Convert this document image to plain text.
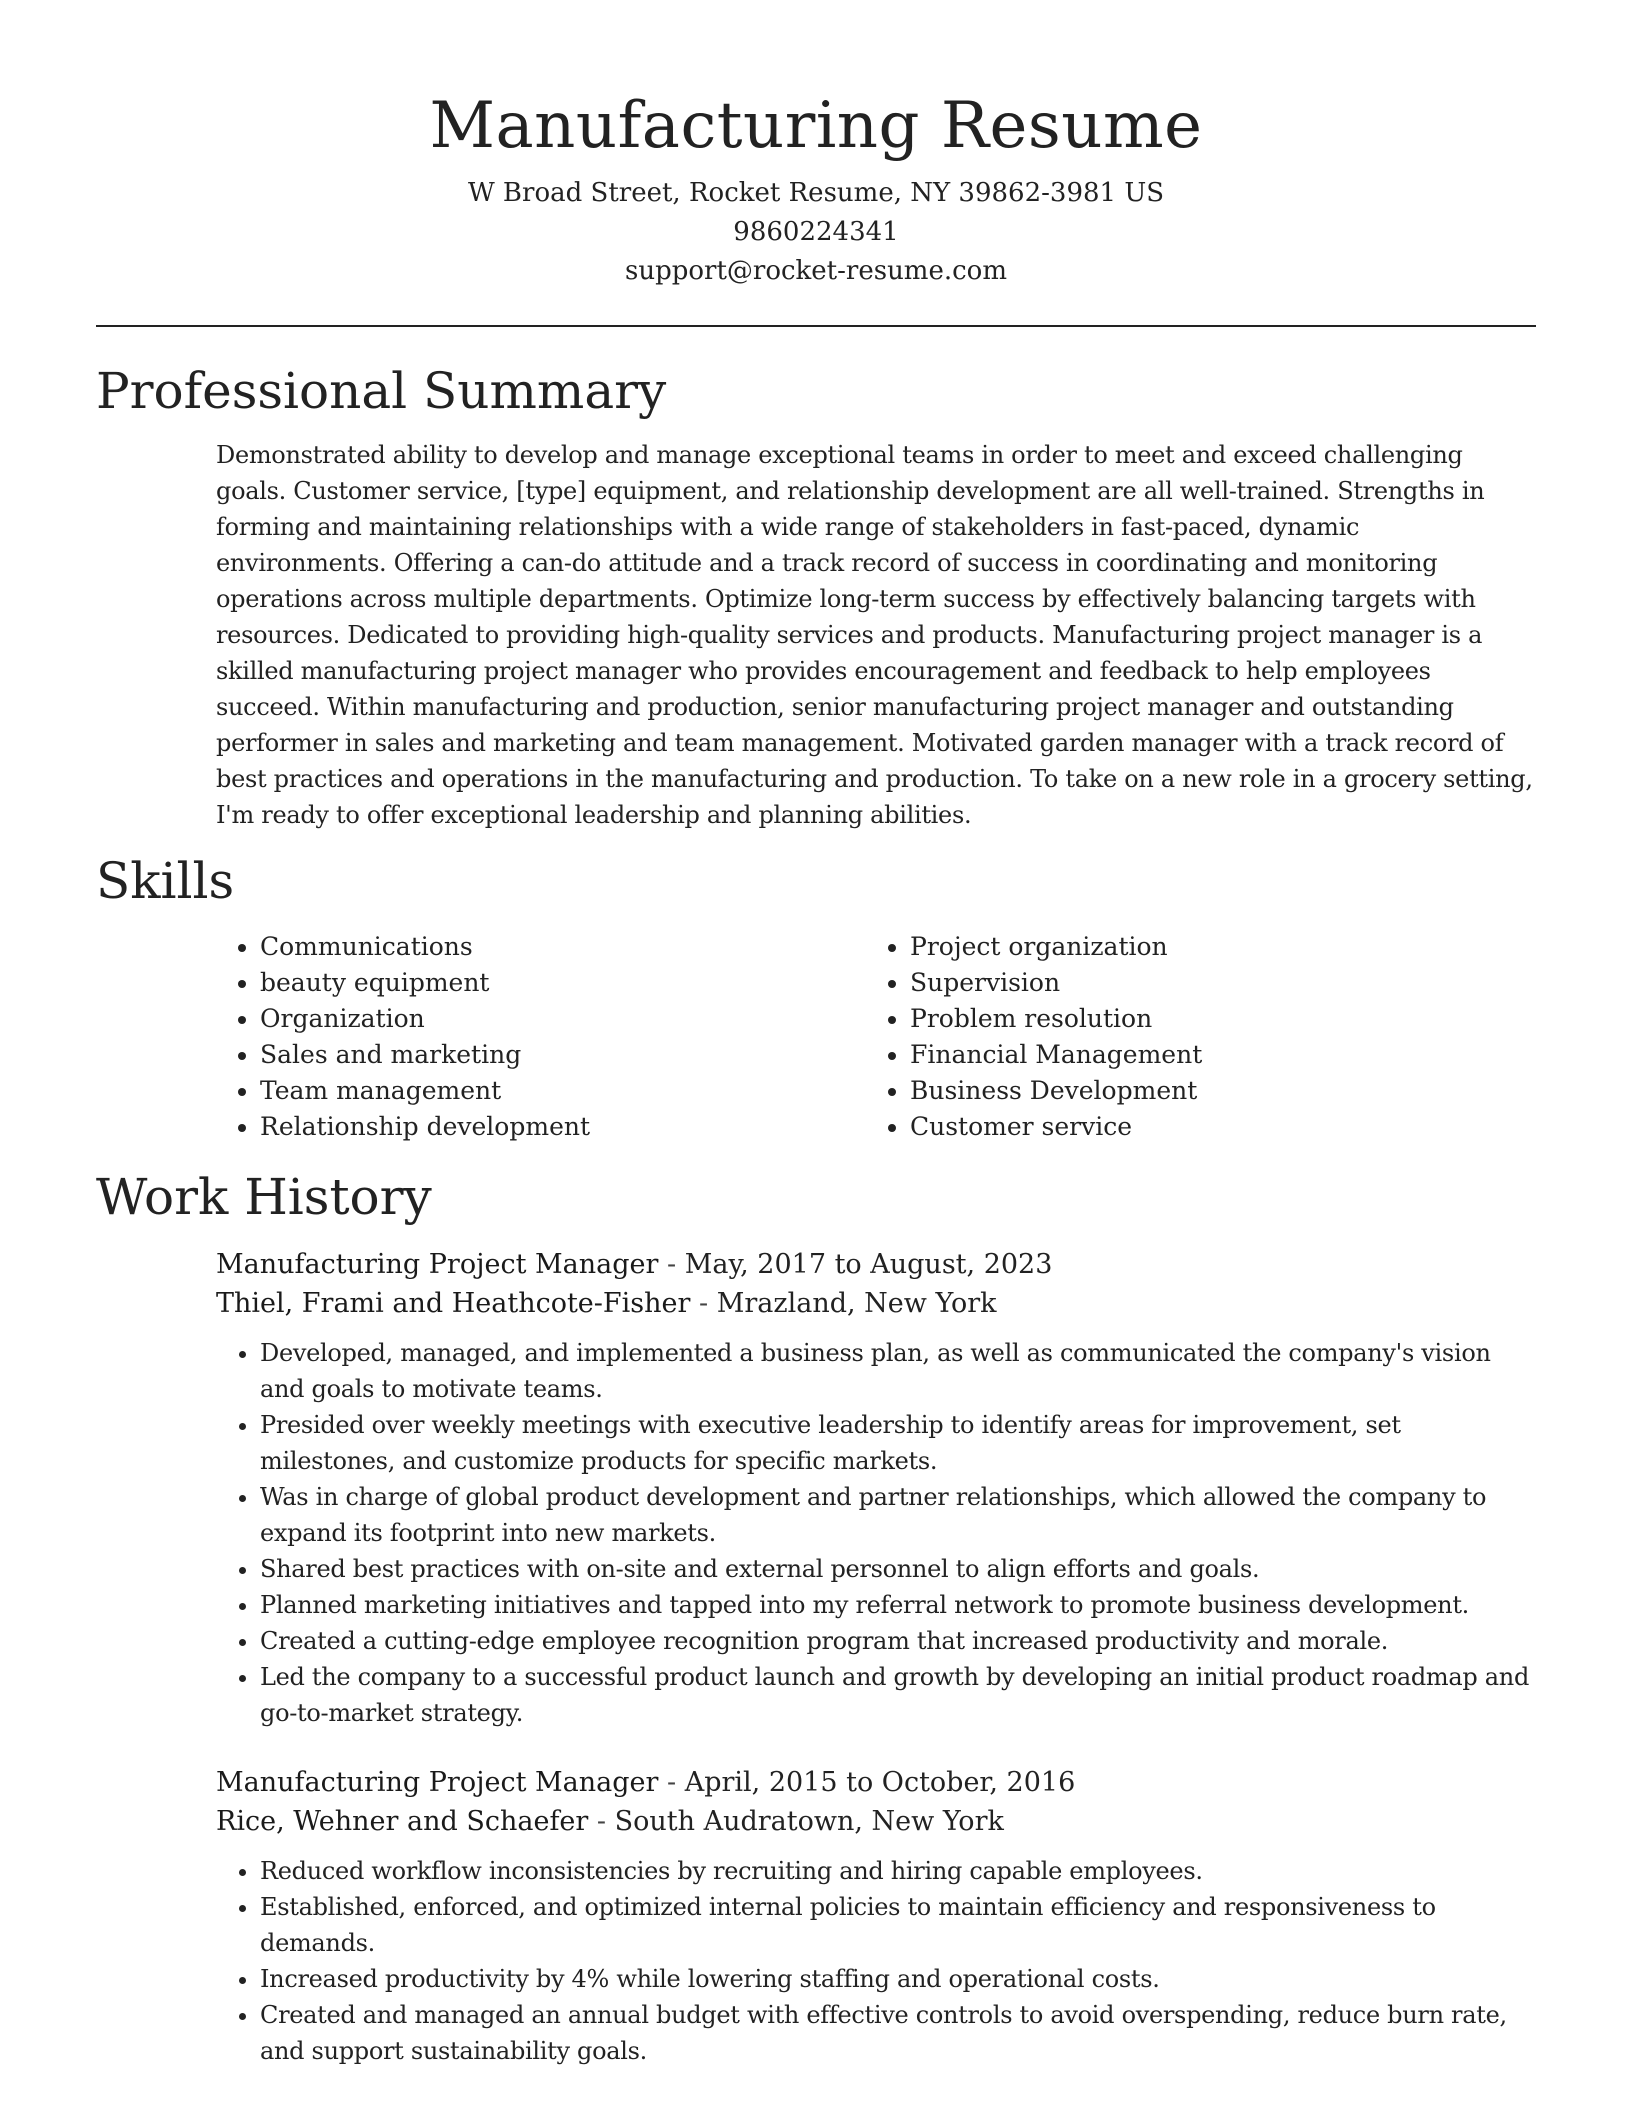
Manufacturing Resume
W Broad Street, Rocket Resume, NY 39862-3981 US
9860224341
support@rocket-resume.com
Professional Summary

Demonstrated ability to develop and manage exceptional teams in order to meet and exceed challenging goals. Customer service, [type] equipment, and relationship development are all well-trained. Strengths in forming and maintaining relationships with a wide range of stakeholders in fast-paced, dynamic environments. Offering a can-do attitude and a track record of success in coordinating and monitoring operations across multiple departments. Optimize long-term success by effectively balancing targets with resources. Dedicated to providing high-quality services and products. Manufacturing project manager is a skilled manufacturing project manager who provides encouragement and feedback to help employees succeed. Within manufacturing and production, senior manufacturing project manager and outstanding performer in sales and marketing and team management. Motivated garden manager with a track record of best practices and operations in the manufacturing and production. To take on a new role in a grocery setting, I'm ready to offer exceptional leadership and planning abilities.

Skills
• Communications
• beauty equipment
• Organization
• Sales and marketing
• Team management
• Relationship development
• Project organization
• Supervision
• Problem resolution
• Financial Management
• Business Development
• Customer service
Work History
Manufacturing Project Manager - May, 2017 to August, 2023
Thiel, Frami and Heathcote-Fisher - Mrazland, New York
• Developed, managed, and implemented a business plan, as well as communicated the company's vision and goals to motivate teams.
• Presided over weekly meetings with executive leadership to identify areas for improvement, set milestones, and customize products for specific markets.
• Was in charge of global product development and partner relationships, which allowed the company to expand its footprint into new markets.
• Shared best practices with on-site and external personnel to align efforts and goals.
• Planned marketing initiatives and tapped into my referral network to promote business development.
• Created a cutting-edge employee recognition program that increased productivity and morale.
• Led the company to a successful product launch and growth by developing an initial product roadmap and go-to-market strategy.
Manufacturing Project Manager - April, 2015 to October, 2016
Rice, Wehner and Schaefer - South Audratown, New York
• Reduced workflow inconsistencies by recruiting and hiring capable employees.
• Established, enforced, and optimized internal policies to maintain efficiency and responsiveness to demands.
• Increased productivity by 4% while lowering staffing and operational costs.
• Created and managed an annual budget with effective controls to avoid overspending, reduce burn rate, and support sustainability goals.
